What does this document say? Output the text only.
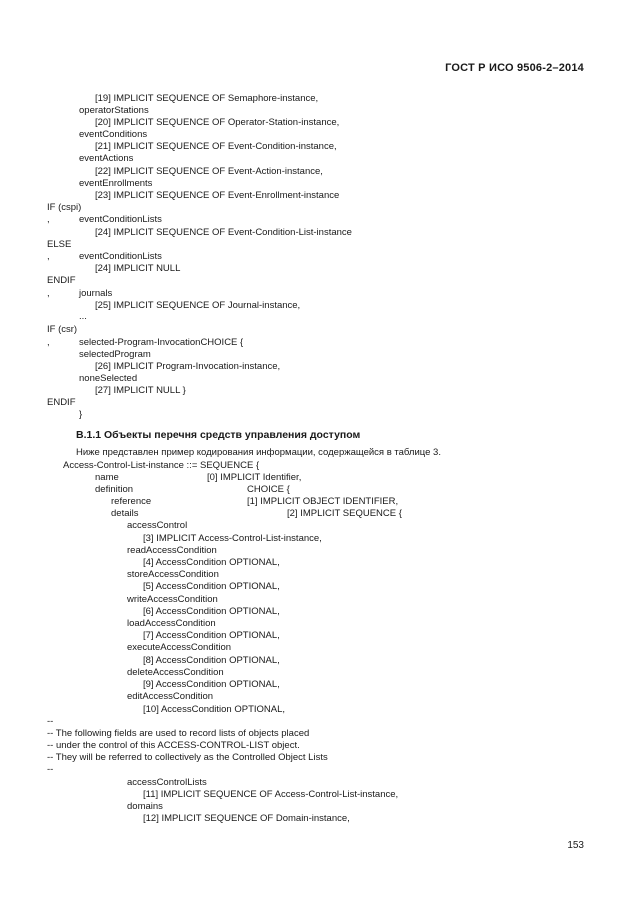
ГОСТ Р ИСО 9506-2–2014
[19] IMPLICIT SEQUENCE OF Semaphore-instance,
operatorStations
[20] IMPLICIT SEQUENCE OF Operator-Station-instance,
eventConditions
[21] IMPLICIT SEQUENCE OF Event-Condition-instance,
eventActions
[22] IMPLICIT SEQUENCE OF Event-Action-instance,
eventEnrollments
[23] IMPLICIT SEQUENCE OF Event-Enrollment-instance
IF (cspi)
,	eventConditionLists
[24] IMPLICIT SEQUENCE OF Event-Condition-List-instance
ELSE
,	eventConditionLists
[24] IMPLICIT NULL
ENDIF
,	journals
[25] IMPLICIT SEQUENCE OF Journal-instance,
...
IF (csr)
,	selected-Program-InvocationCHOICE {
selectedProgram
[26] IMPLICIT Program-Invocation-instance,
noneSelected
[27] IMPLICIT NULL }
ENDIF
}
В.1.1 Объекты перечня средств управления доступом
Ниже представлен пример кодирования информации, содержащейся в таблице 3.
Access-Control-List-instance ::= SEQUENCE {
name	[0] IMPLICIT Identifier,
definition	CHOICE {
reference	[1] IMPLICIT OBJECT IDENTIFIER,
details	[2] IMPLICIT SEQUENCE {
accessControl
[3] IMPLICIT Access-Control-List-instance,
readAccessCondition
[4] AccessCondition OPTIONAL,
storeAccessCondition
[5] AccessCondition OPTIONAL,
writeAccessCondition
[6] AccessCondition OPTIONAL,
loadAccessCondition
[7] AccessCondition OPTIONAL,
executeAccessCondition
[8] AccessCondition OPTIONAL,
deleteAccessCondition
[9] AccessCondition OPTIONAL,
editAccessCondition
[10] AccessCondition OPTIONAL,
--
-- The following fields are used to record lists of objects placed
-- under the control of this ACCESS-CONTROL-LIST object.
-- They will be referred to collectively as the Controlled Object Lists
--
accessControlLists
[11] IMPLICIT SEQUENCE OF Access-Control-List-instance,
domains
[12] IMPLICIT SEQUENCE OF Domain-instance,
153
